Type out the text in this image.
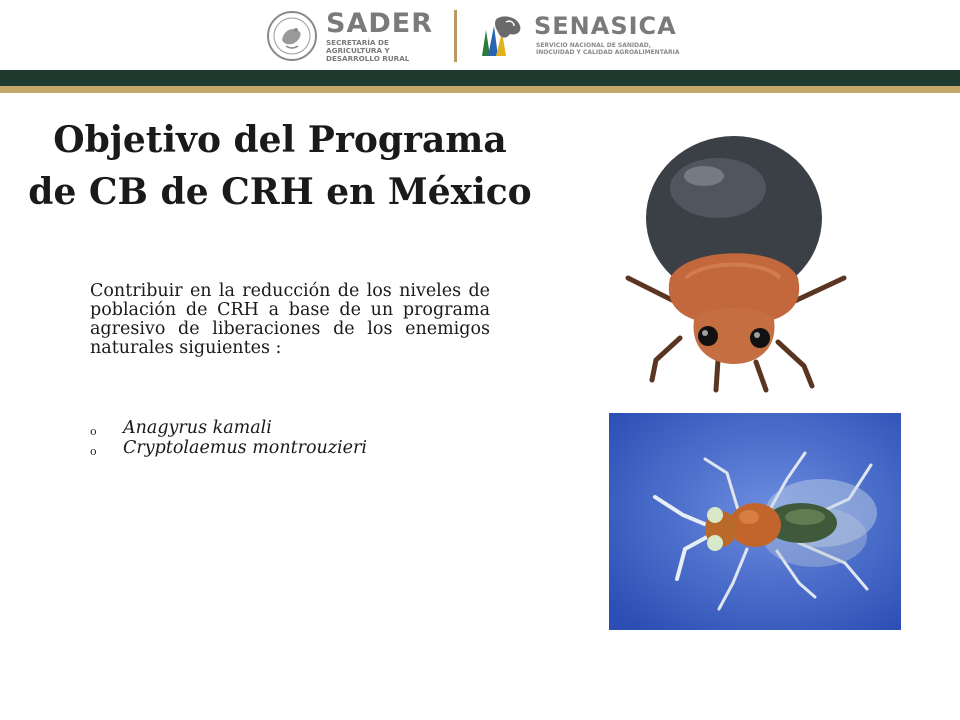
SADER
SECRETARÍA DE
AGRICULTURA Y
DESARROLLO RURAL
SENASICA
SERVICIO NACIONAL DE SANIDAD,
INOCUIDAD Y CALIDAD AGROALIMENTARIA
Objetivo del Programa
de CB de CRH en México
Contribuir en la reducción de los niveles de población de CRH a base de un programa agresivo de liberaciones de los enemigos naturales siguientes :
o Anagyrus kamali
o Cryptolaemus montrouzieri
